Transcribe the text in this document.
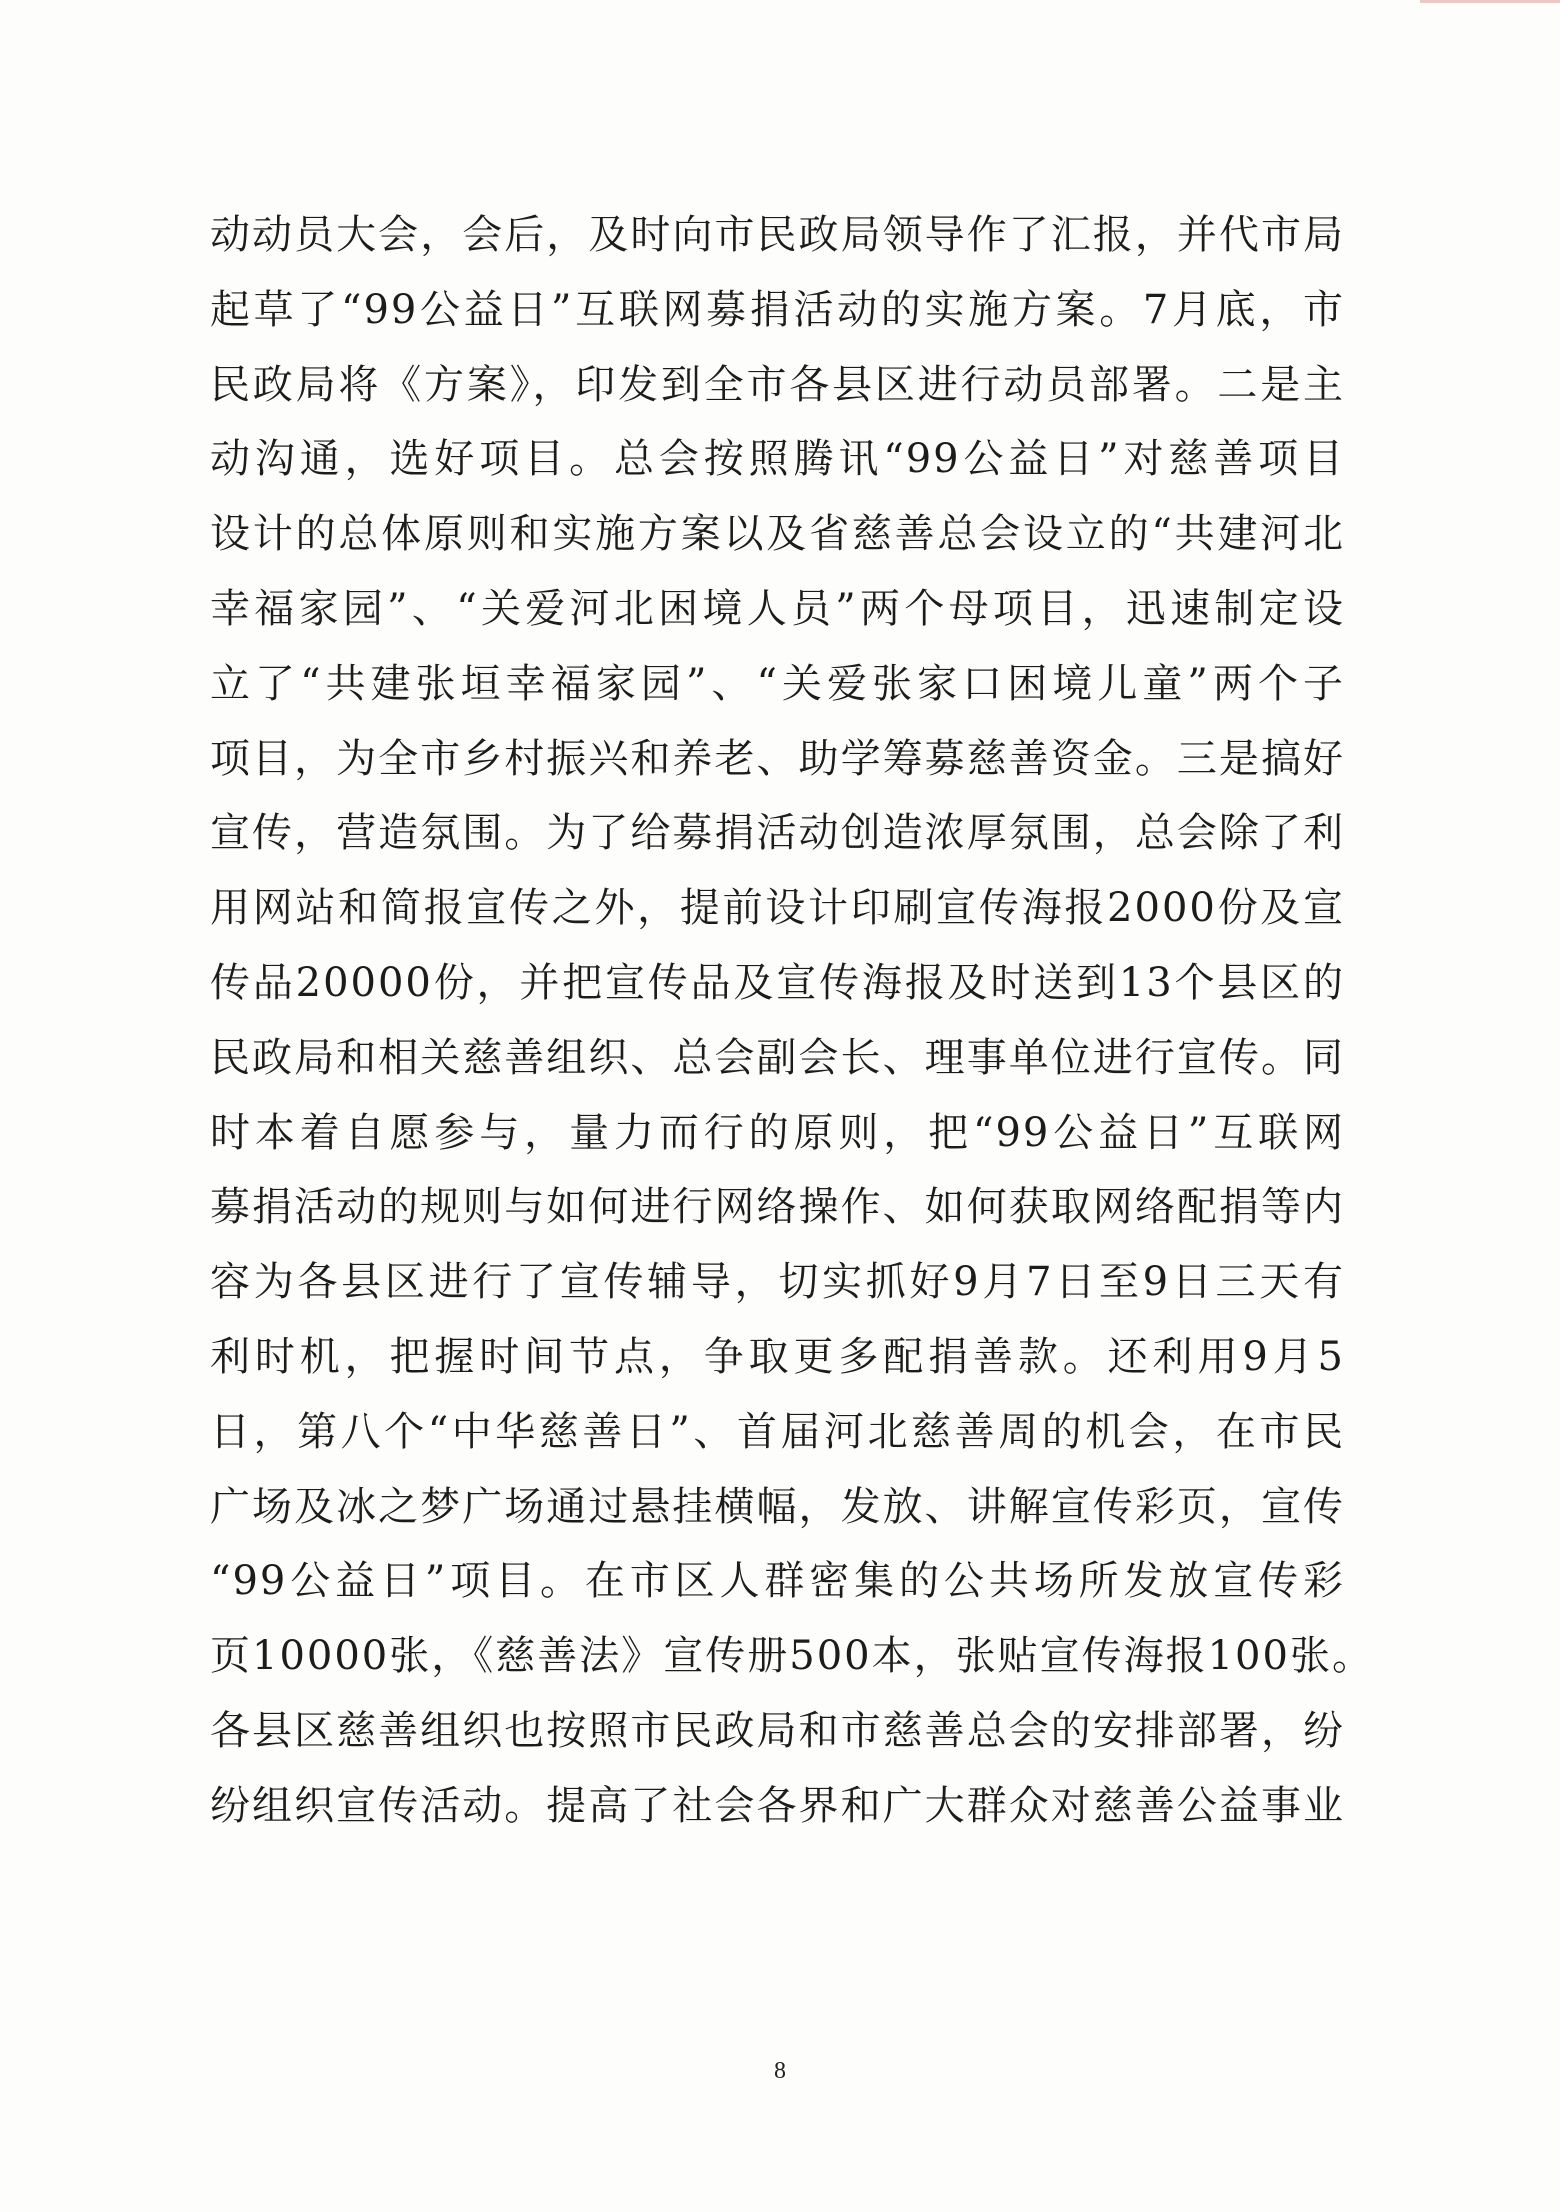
动动员大会，会后，及时向市民政局领导作了汇报，并代市局
起草了“99公益日”互联网募捐活动的实施方案。7月底，市
民政局将《方案》，印发到全市各县区进行动员部署。二是主
动沟通，选好项目。总会按照腾讯“99公益日”对慈善项目
设计的总体原则和实施方案以及省慈善总会设立的“共建河北
幸福家园”、“关爱河北困境人员”两个母项目，迅速制定设
立了“共建张垣幸福家园”、“关爱张家口困境儿童”两个子
项目，为全市乡村振兴和养老、助学筹募慈善资金。三是搞好
宣传，营造氛围。为了给募捐活动创造浓厚氛围，总会除了利
用网站和简报宣传之外，提前设计印刷宣传海报2000份及宣
传品20000份，并把宣传品及宣传海报及时送到13个县区的
民政局和相关慈善组织、总会副会长、理事单位进行宣传。同
时本着自愿参与，量力而行的原则，把“99公益日”互联网
募捐活动的规则与如何进行网络操作、如何获取网络配捐等内
容为各县区进行了宣传辅导，切实抓好9月7日至9日三天有
利时机，把握时间节点，争取更多配捐善款。还利用9月5
日，第八个“中华慈善日”、首届河北慈善周的机会，在市民
广场及冰之梦广场通过悬挂横幅，发放、讲解宣传彩页，宣传
“99公益日”项目。在市区人群密集的公共场所发放宣传彩
页10000张，《慈善法》宣传册500本，张贴宣传海报100张。
各县区慈善组织也按照市民政局和市慈善总会的安排部署，纷
纷组织宣传活动。提高了社会各界和广大群众对慈善公益事业
8
